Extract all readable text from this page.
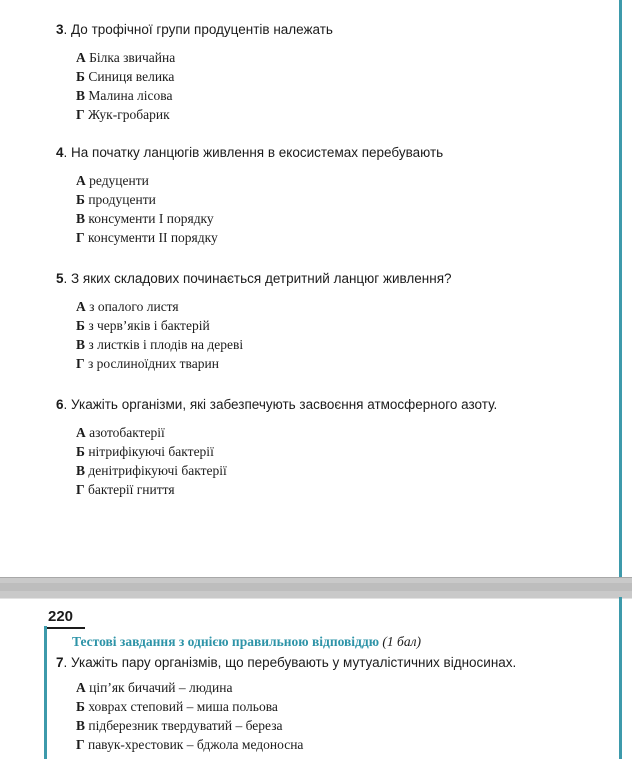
3. До трофічної групи продуцентів належать
А Білка звичайна
Б Синиця велика
В Малина лісова
Г Жук-гробарик
4. На початку ланцюгів живлення в екосистемах перебувають
А редуценти
Б продуценти
В консументи I порядку
Г консументи II порядку
5. З яких складових починається детритний ланцюг живлення?
А з опалого листя
Б з черв’яків і бактерій
В з листків і плодів на дереві
Г з рослиноїдних тварин
6. Укажіть організми, які забезпечують засвоєння атмосферного азоту.
А азотобактерії
Б нітрифікуючі бактерії
В денітрифікуючі бактерії
Г бактерії гниття
220
Тестові завдання з однією правильною відповіддю (1 бал)
7. Укажіть пару організмів, що перебувають у мутуалістичних відносинах.
А ціп’як бичачий – людина
Б ховрах степовий – миша польова
В підберезник твердуватий – береза
Г павук-хрестовик – бджола медоносна
